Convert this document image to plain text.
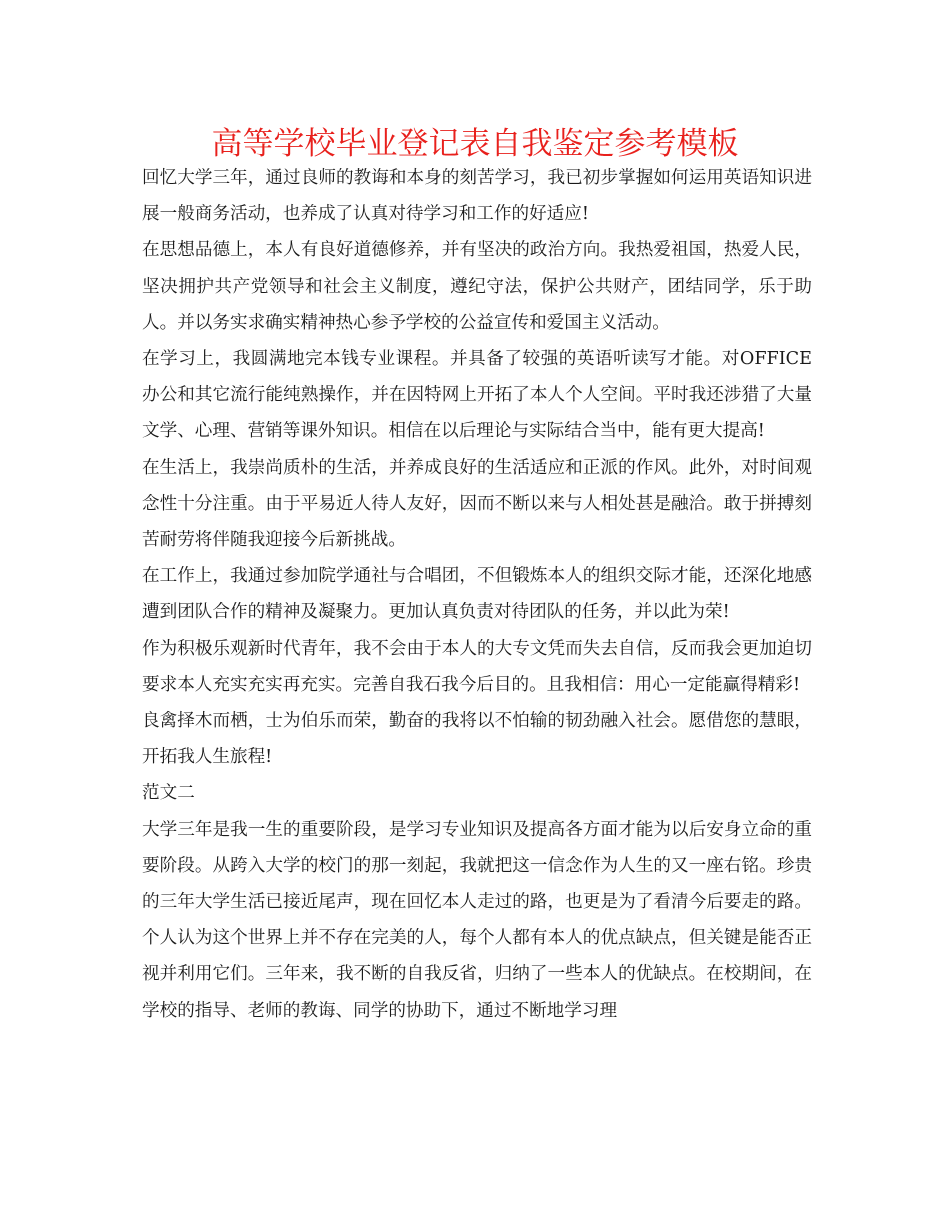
高等学校毕业登记表自我鉴定参考模板

回忆大学三年，通过良师的教诲和本身的刻苦学习，我已初步掌握如何运用英语知识进展一般商务活动，也养成了认真对待学习和工作的好适应!

在思想品德上，本人有良好道德修养，并有坚决的政治方向。我热爱祖国，热爱人民，坚决拥护共产党领导和社会主义制度，遵纪守法，保护公共财产，团结同学，乐于助人。并以务实求确实精神热心参予学校的公益宣传和爱国主义活动。

在学习上，我圆满地完本钱专业课程。并具备了较强的英语听读写才能。对OFFICE办公和其它流行能纯熟操作，并在因特网上开拓了本人个人空间。平时我还涉猎了大量文学、心理、营销等课外知识。相信在以后理论与实际结合当中，能有更大提高!

在生活上，我崇尚质朴的生活，并养成良好的生活适应和正派的作风。此外，对时间观念性十分注重。由于平易近人待人友好，因而不断以来与人相处甚是融洽。敢于拼搏刻苦耐劳将伴随我迎接今后新挑战。

在工作上，我通过参加院学通社与合唱团，不但锻炼本人的组织交际才能，还深化地感遭到团队合作的精神及凝聚力。更加认真负责对待团队的任务，并以此为荣!

作为积极乐观新时代青年，我不会由于本人的大专文凭而失去自信，反而我会更加迫切要求本人充实充实再充实。完善自我石我今后目的。且我相信：用心一定能赢得精彩!

良禽择木而栖，士为伯乐而荣，勤奋的我将以不怕输的韧劲融入社会。愿借您的慧眼，开拓我人生旅程!

范文二

大学三年是我一生的重要阶段，是学习专业知识及提高各方面才能为以后安身立命的重要阶段。从跨入大学的校门的那一刻起，我就把这一信念作为人生的又一座右铭。珍贵的三年大学生活已接近尾声，现在回忆本人走过的路，也更是为了看清今后要走的路。个人认为这个世界上并不存在完美的人，每个人都有本人的优点缺点，但关键是能否正视并利用它们。三年来，我不断的自我反省，归纳了一些本人的优缺点。在校期间，在学校的指导、老师的教诲、同学的协助下，通过不断地学习理
